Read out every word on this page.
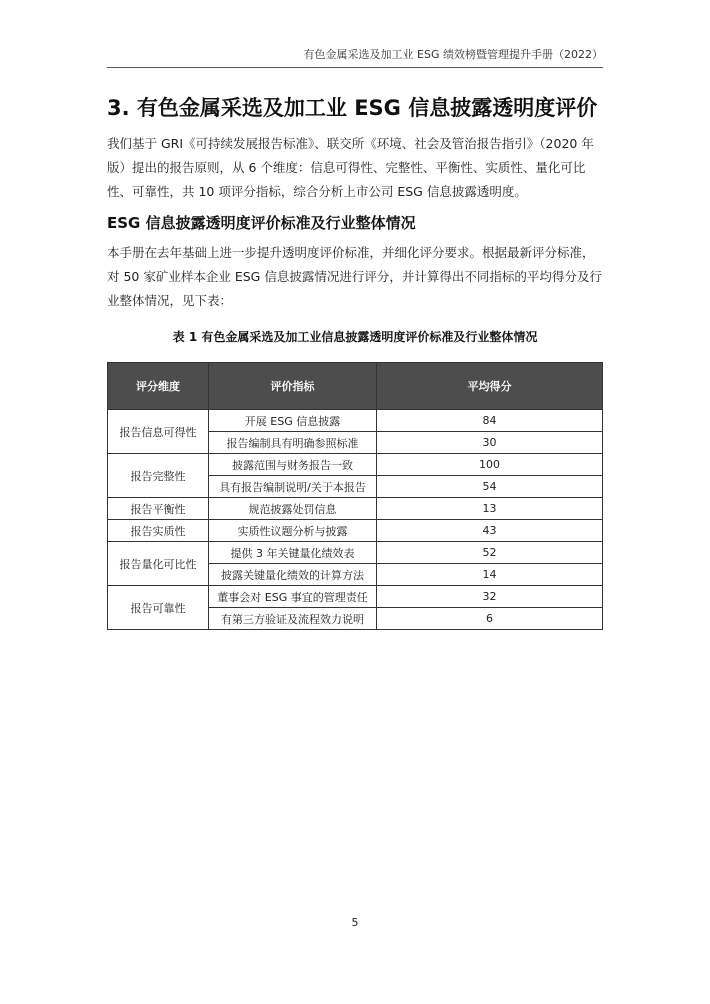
有色金属采选及加工业 ESG 绩效榜暨管理提升手册（2022）
3. 有色金属采选及加工业 ESG 信息披露透明度评价
我们基于 GRI《可持续发展报告标准》、联交所《环境、社会及管治报告指引》（2020 年版）提出的报告原则，从 6 个维度：信息可得性、完整性、平衡性、实质性、量化可比性、可靠性，共 10 项评分指标，综合分析上市公司 ESG 信息披露透明度。
ESG 信息披露透明度评价标准及行业整体情况
本手册在去年基础上进一步提升透明度评价标准，并细化评分要求。根据最新评分标准，对 50 家矿业样本企业 ESG 信息披露情况进行评分，并计算得出不同指标的平均得分及行业整体情况，见下表：
表 1 有色金属采选及加工业信息披露透明度评价标准及行业整体情况
评分维度	评价指标	平均得分
报告信息可得性	开展 ESG 信息披露	84
	报告编制具有明确参照标准	30
报告完整性	披露范围与财务报告一致	100
	具有报告编制说明/关于本报告	54
报告平衡性	规范披露处罚信息	13
报告实质性	实质性议题分析与披露	43
报告量化可比性	提供 3 年关键量化绩效表	52
	披露关键量化绩效的计算方法	14
报告可靠性	董事会对 ESG 事宜的管理责任	32
	有第三方验证及流程效力说明	6
5
